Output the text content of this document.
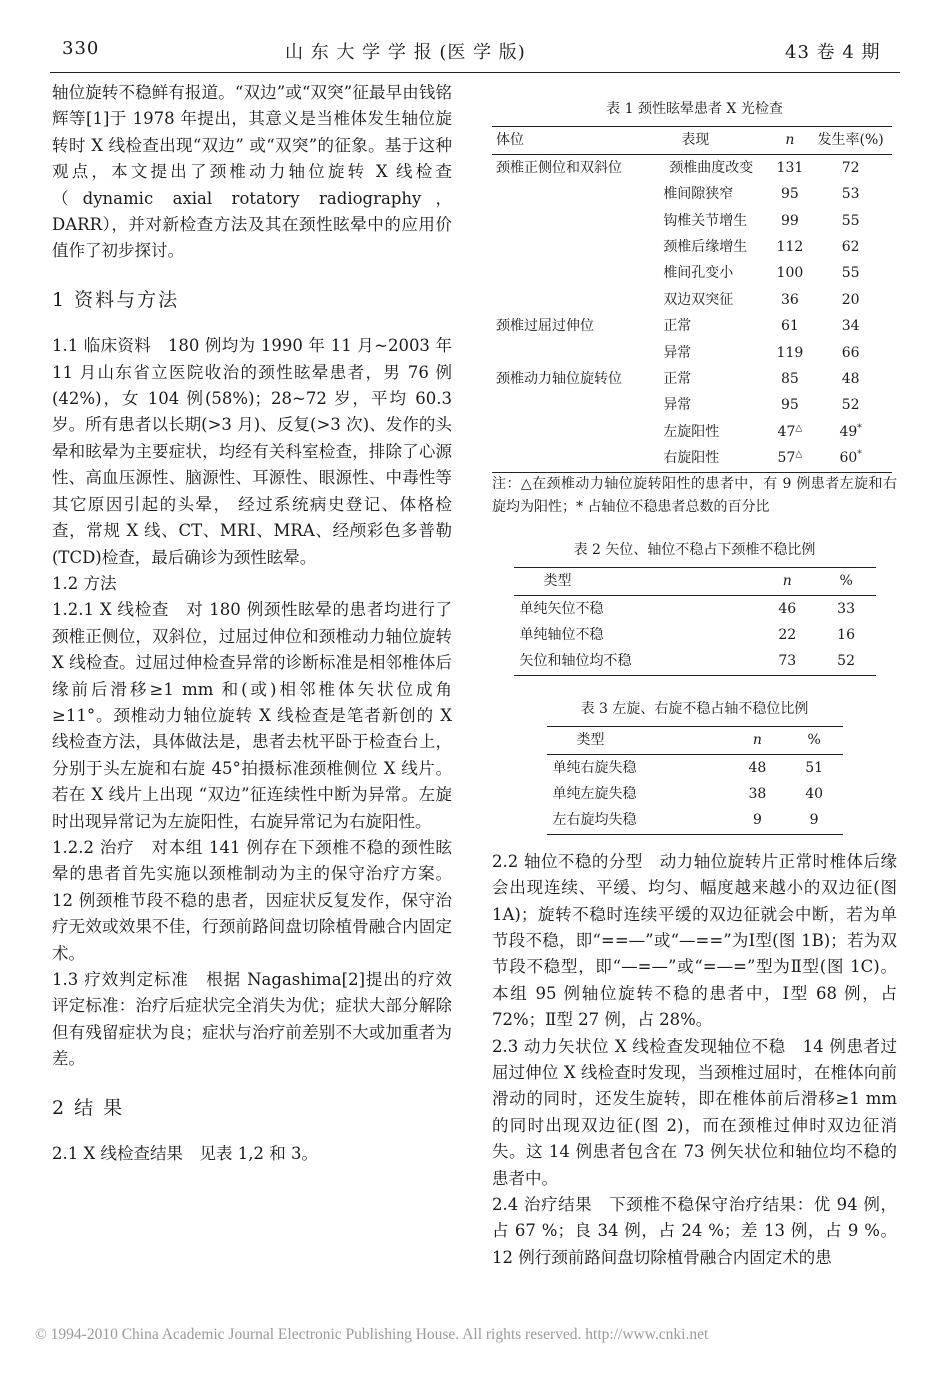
330	山 东 大 学 学 报 (医 学 版)	43 卷 4 期

轴位旋转不稳鲜有报道。“双边”或“双突”征最早由钱铭辉等[1]于 1978 年提出，其意义是当椎体发生轴位旋转时 X 线检查出现“双边” 或“双突”的征象。基于这种观点，本文提出了颈椎动力轴位旋转 X 线检查（dynamic axial rotatory radiography，DARR），并对新检查方法及其在颈性眩晕中的应用价值作了初步探讨。

1 资料与方法

1.1 临床资料　 180 例均为 1990 年 11 月~2003 年 11 月山东省立医院收治的颈性眩晕患者，男 76 例(42%)，女 104 例(58%)；28~72 岁，平均 60.3 岁。所有患者以长期(>3 月)、反复(>3 次)、发作的头晕和眩晕为主要症状，均经有关科室检查，排除了心源性、高血压源性、脑源性、耳源性、眼源性、中毒性等其它原因引起的头晕， 经过系统病史登记、体格检查，常规 X 线、CT、MRI、MRA、经颅彩色多普勒(TCD)检查，最后确诊为颈性眩晕。

1.2 方法

1.2.1 X 线检查　 对 180 例颈性眩晕的患者均进行了颈椎正侧位，双斜位，过屈过伸位和颈椎动力轴位旋转 X 线检查。过屈过伸检查异常的诊断标准是相邻椎体后缘前后滑移≥1 mm 和(或)相邻椎体矢状位成角≥11°。颈椎动力轴位旋转 X 线检查是笔者新创的 X 线检查方法，具体做法是，患者去枕平卧于检查台上，分别于头左旋和右旋 45°拍摄标准颈椎侧位 X 线片。若在 X 线片上出现 “双边”征连续性中断为异常。左旋时出现异常记为左旋阳性，右旋异常记为右旋阳性。

1.2.2 治疗　 对本组 141 例存在下颈椎不稳的颈性眩晕的患者首先实施以颈椎制动为主的保守治疗方案。12 例颈椎节段不稳的患者，因症状反复发作，保守治疗无效或效果不佳，行颈前路间盘切除植骨融合内固定术。

1.3 疗效判定标准　 根据 Nagashima[2]提出的疗效评定标准：治疗后症状完全消失为优；症状大部分解除但有残留症状为良；症状与治疗前差别不大或加重者为差。

2 结 果

2.1 X 线检查结果　 见表 1,2 和 3。

表 1 颈性眩晕患者 X 光检查
体位	表现	n	发生率(%)
颈椎正侧位和双斜位	颈椎曲度改变	131	72
	椎间隙狭窄	95	53
	钩椎关节增生	99	55
	颈椎后缘增生	112	62
	椎间孔变小	100	55
	双边双突征	36	20
颈椎过屈过伸位	正常	61	34
	异常	119	66
颈椎动力轴位旋转位	正常	85	48
	异常	95	52
	左旋阳性	47△	49*
	右旋阳性	57△	60*

注：△在颈椎动力轴位旋转阳性的患者中，有 9 例患者左旋和右旋均为阳性；* 占轴位不稳患者总数的百分比

表 2 矢位、轴位不稳占下颈椎不稳比例
类型	n	%
单纯矢位不稳	46	33
单纯轴位不稳	22	16
矢位和轴位均不稳	73	52
表 3 左旋、右旋不稳占轴不稳位比例
类型	n	%
单纯右旋失稳	48	51
单纯左旋失稳	38	40
左右旋均失稳	9	9

2.2 轴位不稳的分型　 动力轴位旋转片正常时椎体后缘会出现连续、平缓、均匀、幅度越来越小的双边征(图 1A)；旋转不稳时连续平缓的双边征就会中断，若为单节段不稳，即“==—”或“—==”为Ⅰ型(图 1B)；若为双节段不稳型，即“—=—”或“=—=”型为Ⅱ型(图 1C)。本组 95 例轴位旋转不稳的患者中，Ⅰ型 68 例，占 72%；Ⅱ型 27 例，占 28%。

2.3 动力矢状位 X 线检查发现轴位不稳　 14 例患者过屈过伸位 X 线检查时发现，当颈椎过屈时，在椎体向前滑动的同时，还发生旋转，即在椎体前后滑移≥1 mm 的同时出现双边征(图 2)，而在颈椎过伸时双边征消失。这 14 例患者包含在 73 例矢状位和轴位均不稳的患者中。

2.4 治疗结果　 下颈椎不稳保守治疗结果：优 94 例，占 67 %；良 34 例，占 24 %；差 13 例，占 9 %。12 例行颈前路间盘切除植骨融合内固定术的患

© 1994-2010 China Academic Journal Electronic Publishing House. All rights reserved. http://www.cnki.net
